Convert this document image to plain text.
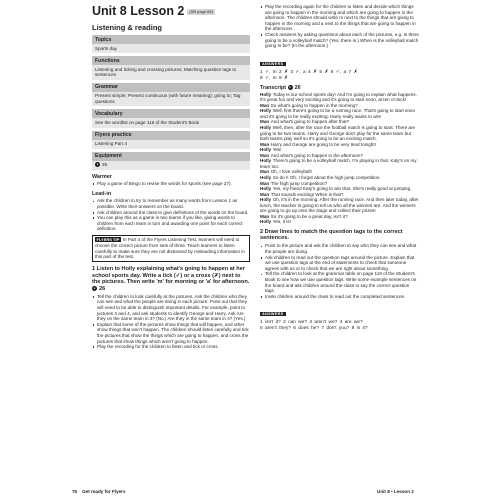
Unit 8 Lesson 2 (SB page 65)
Listening & reading
Topics
Sports day
Functions
Listening and ticking and crossing pictures; Matching question tags to sentences
Grammar
Present simple; Present continuous (with future meaning); going to; Tag questions
Vocabulary
See the wordlist on page 116 of the Student's Book
Flyers practice
Listening Part 4
Equipment
● 26
Warmer
Play a game of Bingo to revise the words for sports (see page 27).
Lead-in
Ask the children to try to remember as many words from Lesson 1 as possible. Write their answers on the board.
Ask children around the class to give definitions of the words on the board.
You can play this as a game in two teams if you like, giving words to children from each team in turn and awarding one point for each correct definition.
FLYERS TIP In Part 4 of the Flyers Listening Test, learners will need to choose the correct picture from sets of three. Teach learners to listen carefully to make sure they are not distracted by misleading information in this part of the test.
1 Listen to Holly explaining what's going to happen at her school sports day. Write a tick (✓) or a cross (✗) next to the pictures. Then write 'm' for morning or 'a' for afternoon. ● 26
Tell the children to look carefully at the pictures. Ask the children who they can see and what the people are doing in each picture. Point out that they will need to be able to distinguish important details. For example, point to pictures 3 and 4, and ask students to identify George and Harry. Ask Are they on the same team in 3? (No.) Are they in the same team in 4? (Yes.)
Explain that some of the pictures show things that will happen, and other show things that won't happen. The children should listen carefully and tick the pictures that show the things which are going to happen, and cross the pictures that show things which aren't going to happen.
Play the recording for the children to listen and tick or cross.
Play the recording again for the children to listen and decide which things are going to happen in the morning and which are going to happen in the afternoon. The children should write m next to the things that are going to happen in the morning and a next to the things that are going to happen in the afternoon.
Check answers by asking questions about each of the pictures, e.g. Is there going to be a volleyball match? (Yes, there is.) When is the volleyball match going to be? (In the afternoon.)
ANSWERS
1 ✓, m 2 ✗ 3 ✓, a 4 ✗ 5 ✗ 6 ✓, a 7 ✗
8 ✓, m 9 ✗
Transcript ● 26
Holly Today is our school sports day! And I'm going to explain what happens. It's great fun and very exciting and it's going to start soon, at ten o'clock!
Man So what's going to happen in the morning?
Holly Well, first there's going to be a running race. That's going to start soon and it's going to be really exciting. Harry really wants to win!
Man And what's going to happen after that?
Holly Well, then, after the race the football match is going to start. There are going to be two teams. Harry and George don't play for the same team but both teams play well so it's going to be an exciting match.
Man Harry and George are going to be very tired tonight!
Holly Yes!
Man And what's going to happen in the afternoon?
Holly There's going to be a volleyball match. I'm playing in that. Katy's on my team too.
Man Oh, I love volleyball!
Holly So do I! Oh, I forgot about the high jump competition.
Man The high jump competition?
Holly Yes, my friend Katy's going to win that. She's really good at jumping.
Man That sounds exciting! When is that?
Holly Oh, it's in the morning. After the running race. And then later today, after lunch, the teacher is going to tell us who all the winners are. And the winners are going to go up onto the stage and collect their prizes!
Man So it's going to be a great day, isn't it?
Holly Yes, it is!
2 Draw lines to match the question tags to the correct sentences.
Point to the picture and ask the children to say who they can see and what the people are doing.
Ask children to read out the question tags around the picture. Explain that we use question tags at the end of statements to check that someone agrees with us or to check that we are right about something.
Tell the children to look at the grammar table on page 119 of the Student's Book to see how we use question tags. Write some example sentences on the board and ask children around the class to say the correct question tags.
Invite children around the class to read out the completed sentences.
ANSWERS
1 isn't it? 2 can we? 3 aren't we? 4 are we?
5 aren't they? 6 does he? 7 don't you? 8 is it?
76 Get ready for Flyers	Unit 8 • Lesson 2
